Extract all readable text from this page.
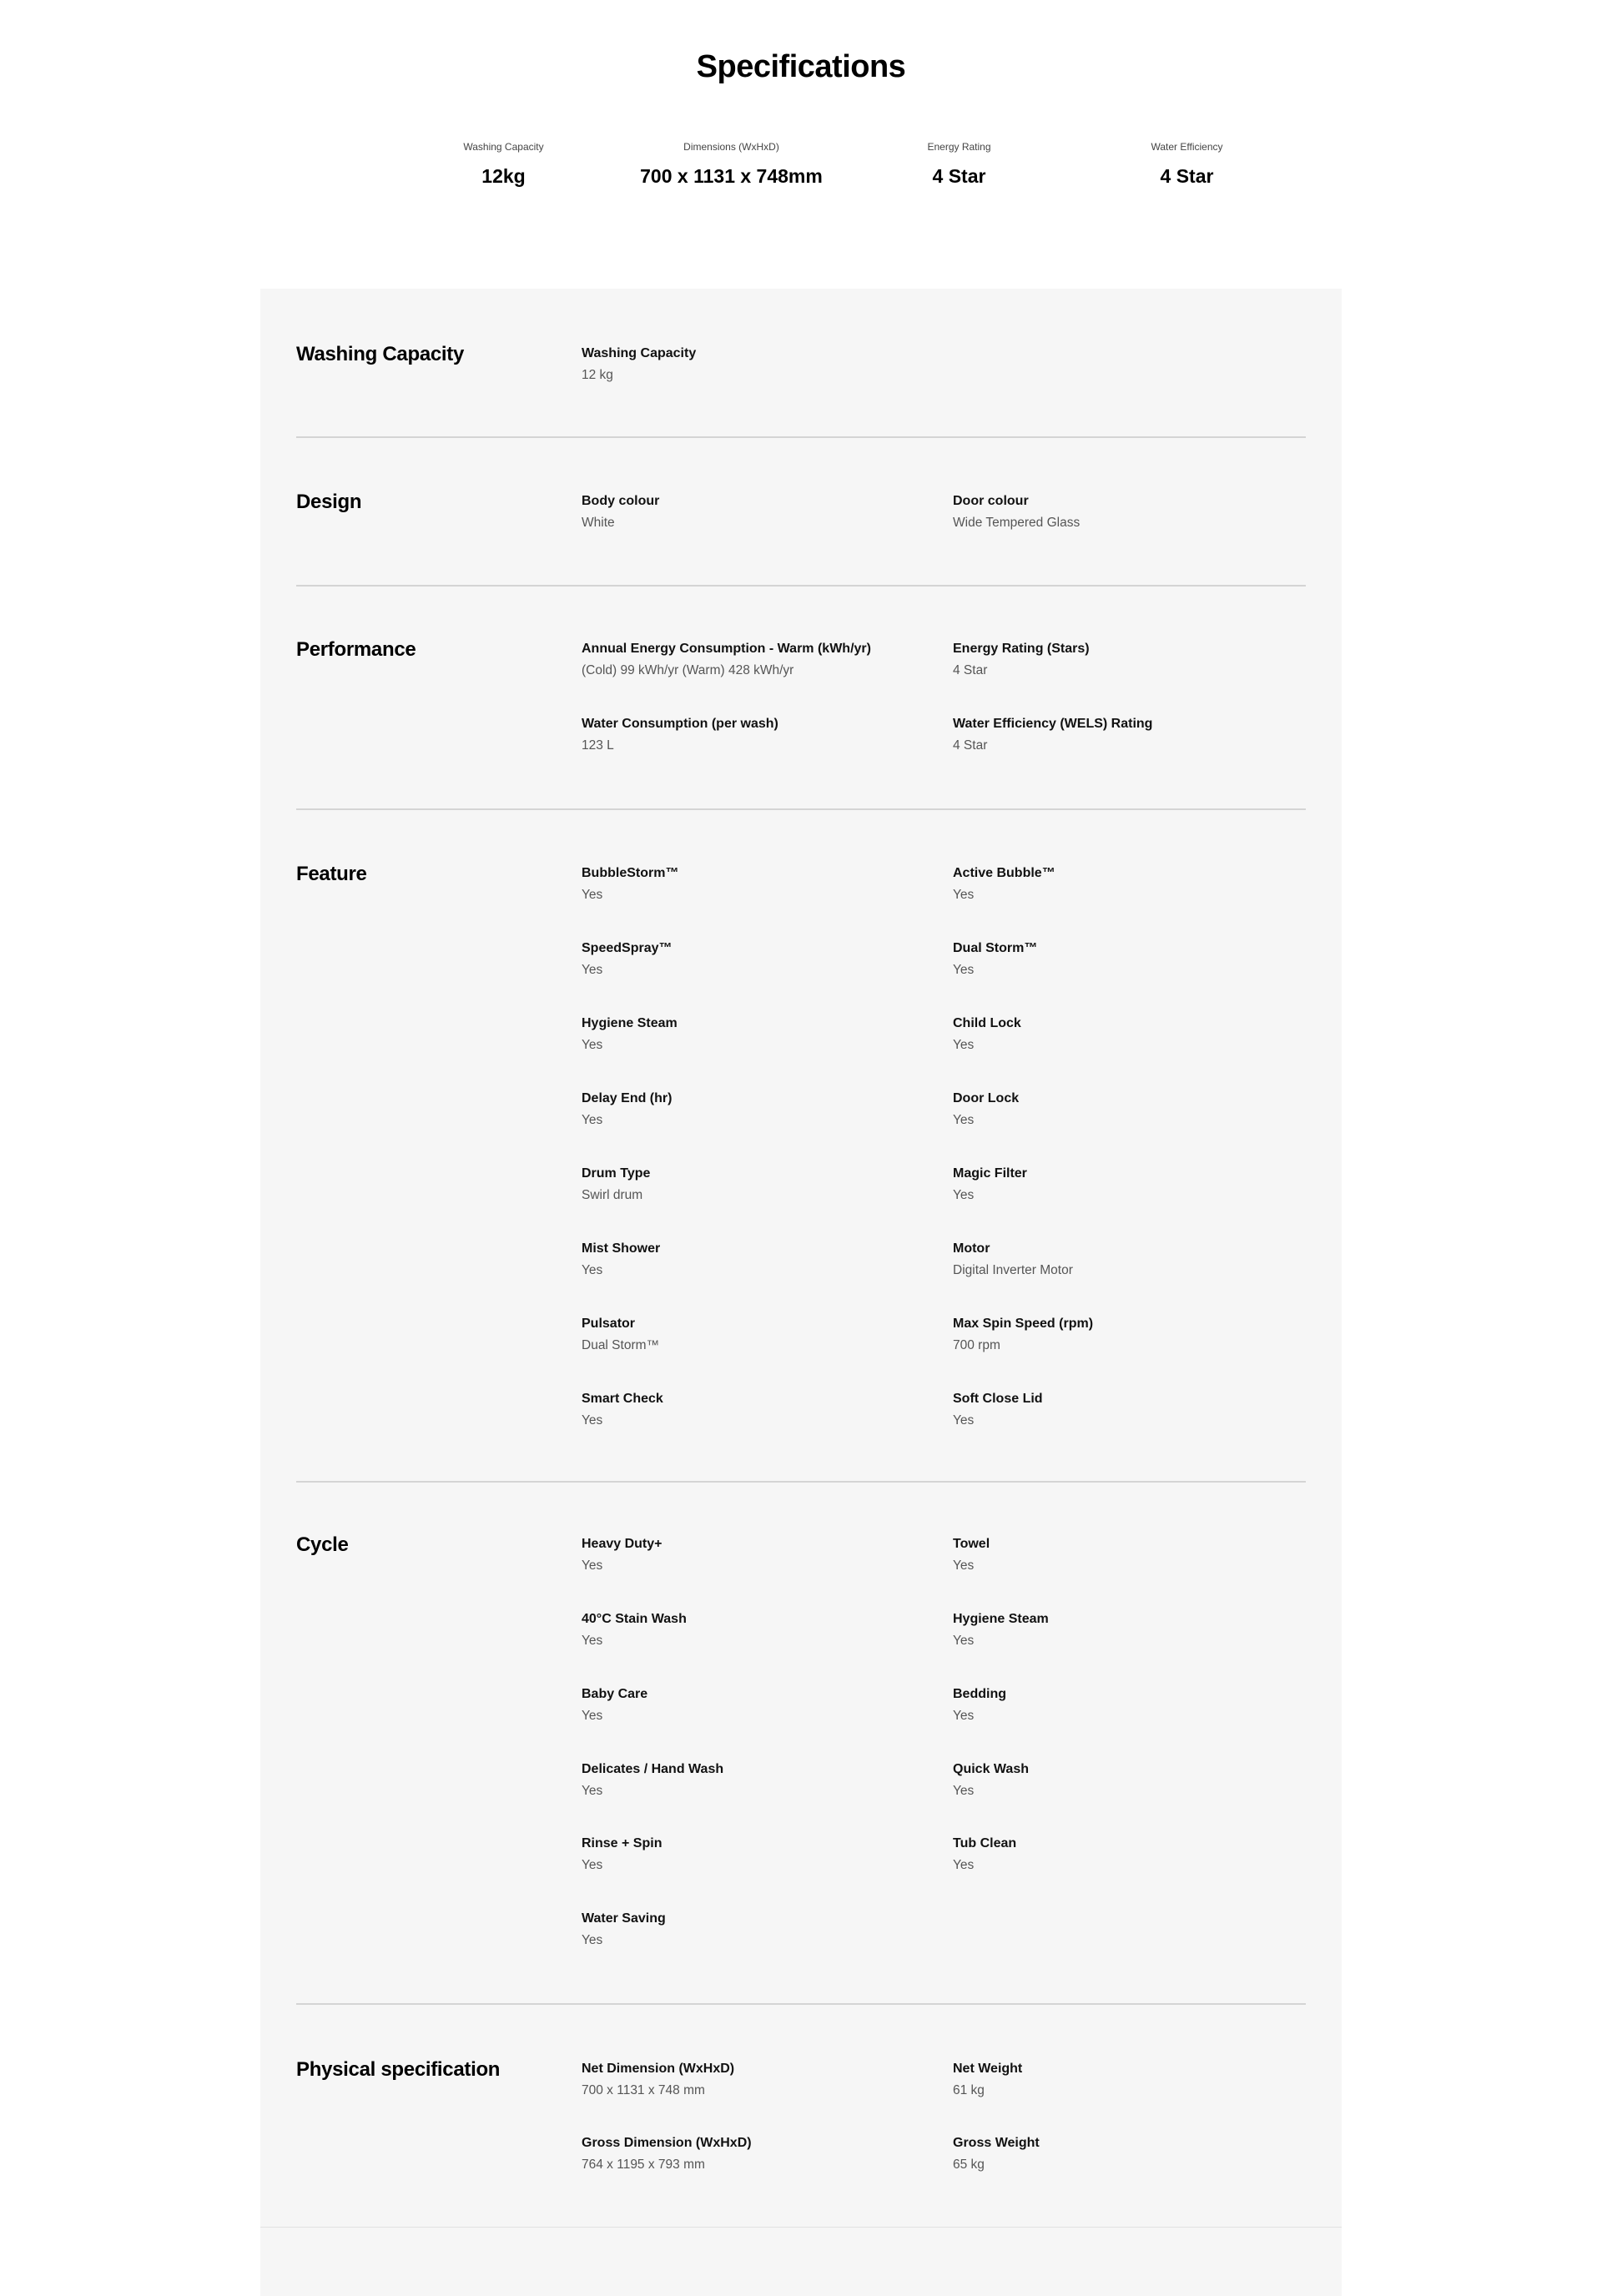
Specifications
Washing Capacity
12kg
Dimensions (WxHxD)
700 x 1131 x 748mm
Energy Rating
4 Star
Water Efficiency
4 Star
Washing Capacity	Washing Capacity
12 kg
Design	Body colour
White
Door colour
Wide Tempered Glass
Performance	Annual Energy Consumption - Warm (kWh/yr)
(Cold) 99 kWh/yr (Warm) 428 kWh/yr
Energy Rating (Stars)
4 Star
Water Consumption (per wash)
123 L
Water Efficiency (WELS) Rating
4 Star
Feature	BubbleStorm™
Yes
Active Bubble™
Yes
SpeedSpray™
Yes
Dual Storm™
Yes
Hygiene Steam
Yes
Child Lock
Yes
Delay End (hr)
Yes
Door Lock
Yes
Drum Type
Swirl drum
Magic Filter
Yes
Mist Shower
Yes
Motor
Digital Inverter Motor
Pulsator
Dual Storm™
Max Spin Speed (rpm)
700 rpm
Smart Check
Yes
Soft Close Lid
Yes
Cycle	Heavy Duty+
Yes
Towel
Yes
40°C Stain Wash
Yes
Hygiene Steam
Yes
Baby Care
Yes
Bedding
Yes
Delicates / Hand Wash
Yes
Quick Wash
Yes
Rinse + Spin
Yes
Tub Clean
Yes
Water Saving
Yes
Physical specification	Net Dimension (WxHxD)
700 x 1131 x 748 mm
Net Weight
61 kg
Gross Dimension (WxHxD)
764 x 1195 x 793 mm
Gross Weight
65 kg
